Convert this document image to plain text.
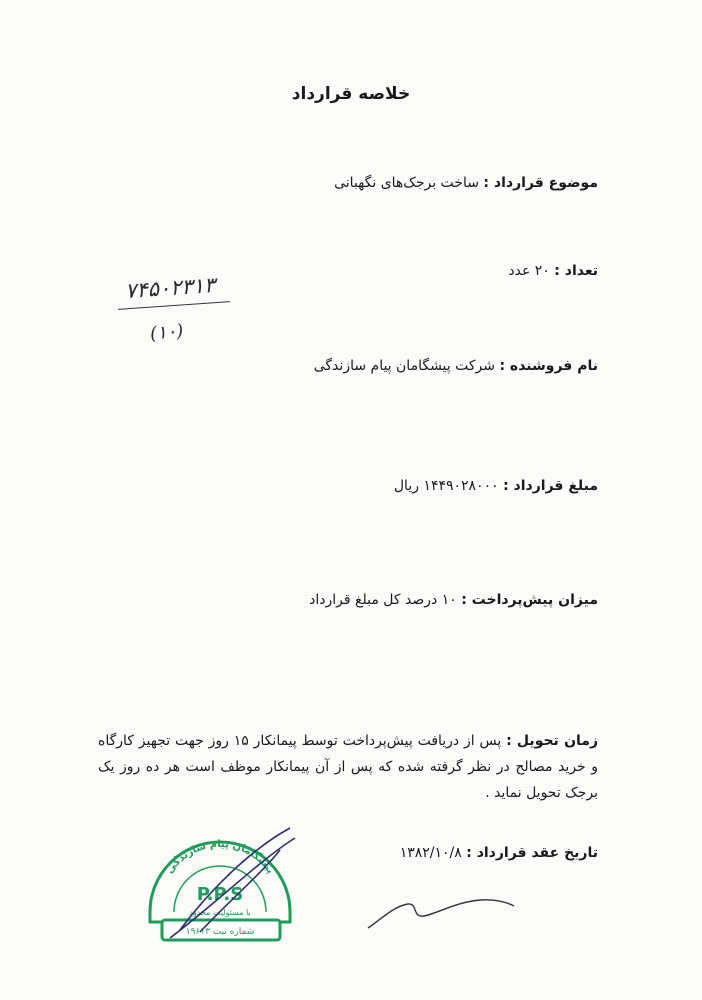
خلاصه قرارداد
موضوع قرارداد : ساخت برجک‌های نگهبانی
تعداد : ۲۰ عدد
۷۴۵۰۲۳۱۳
(۱۰)
نام فروشنده : شرکت پیشگامان پیام سازندگی
مبلغ قرارداد : ۱۴۴۹۰۲۸۰۰۰ ریال
میزان پیش‌پرداخت : ۱۰ درصد کل مبلغ قرارداد
زمان تحویل : پس از دریافت پیش‌پرداخت توسط پیمانکار ۱۵ روز جهت تجهیز کارگاه و خرید مصالح در نظر گرفته شده که پس از آن پیمانکار موظف است هر ده روز یک برجک تحویل نماید .
تاریخ عقد قرارداد : ۱۳۸۲/۱۰/۸
پیشگامان پیام سازندگی
P.P.S
با مسئولیت محدود
شماره ثبت ۱۹۶۱۳
